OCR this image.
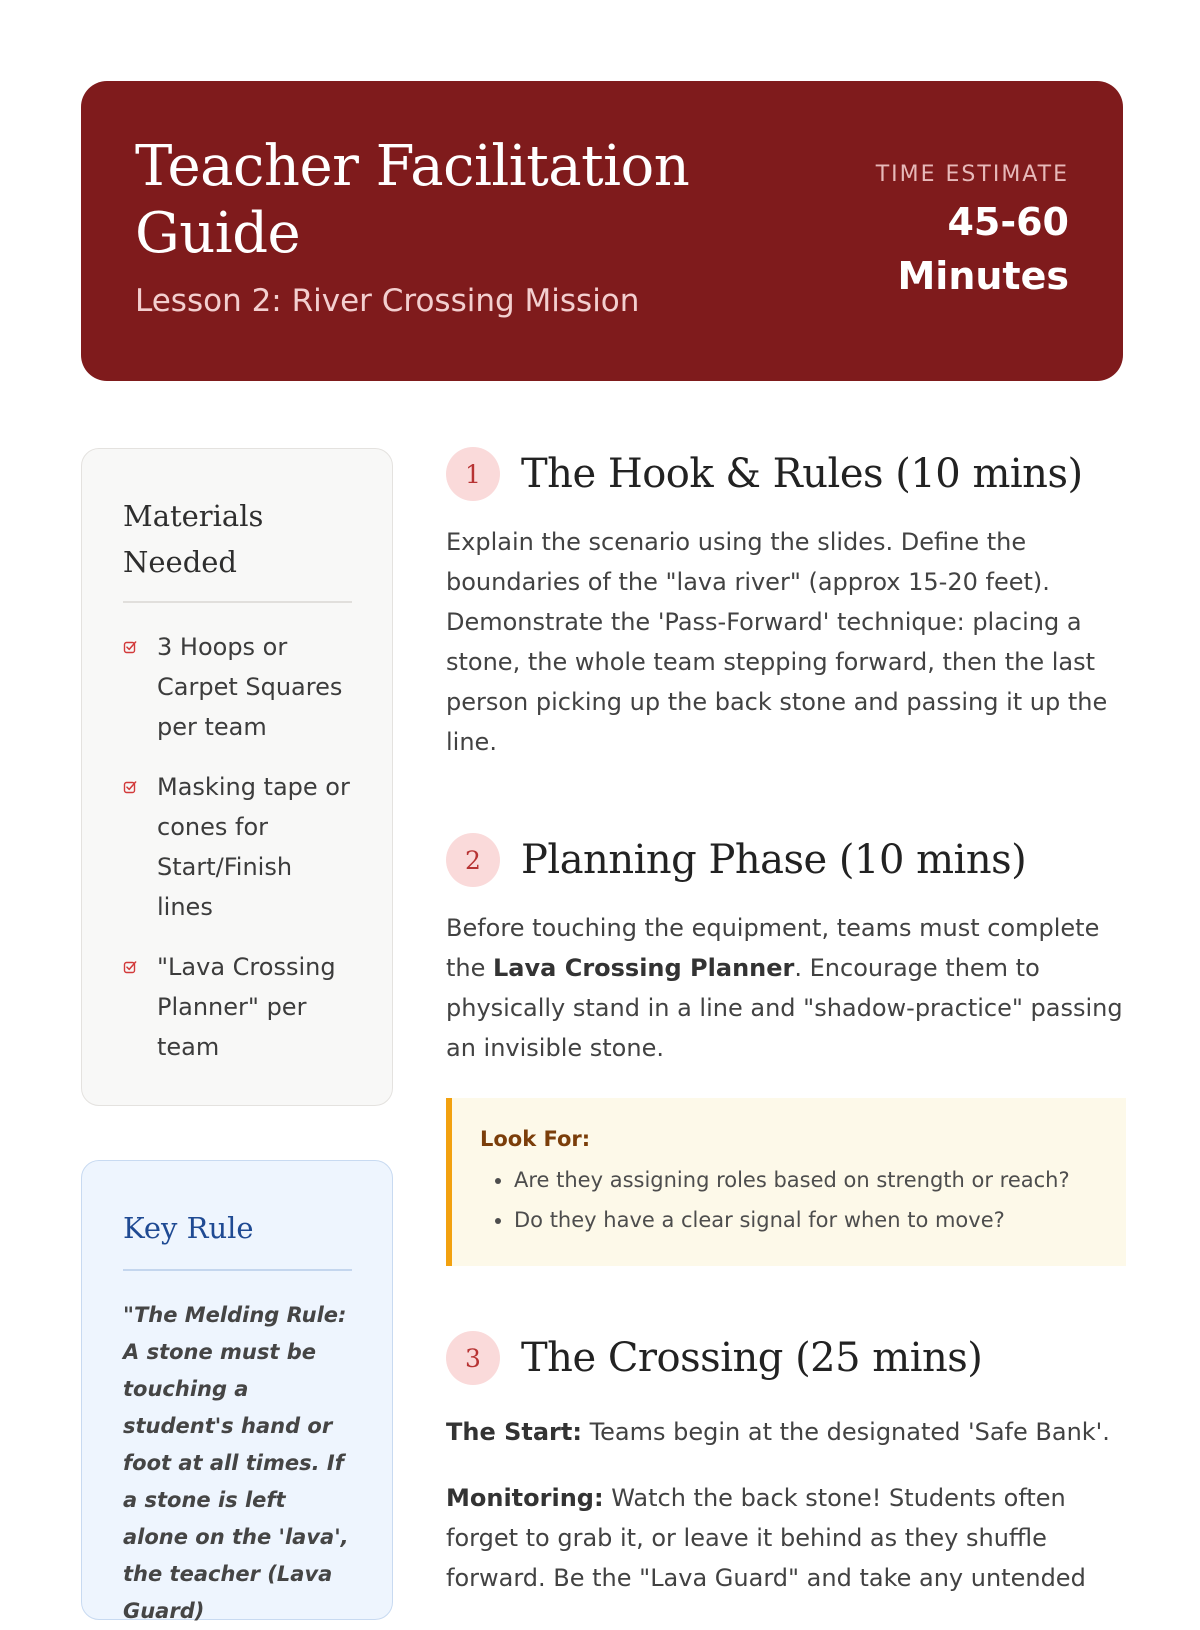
Teacher Facilitation Guide

Lesson 2: River Crossing Mission

TIME ESTIMATE
45-60 Minutes
Materials Needed
3 Hoops or Carpet Squares per team
Masking tape or cones for Start/Finish lines
"Lava Crossing Planner" per team
Key Rule

"The Melding Rule: A stone must be touching a student's hand or foot at all times. If a stone is left alone on the 'lava', the teacher (Lava Guard)

1	The Hook & Rules (10 mins)

Explain the scenario using the slides. Define the boundaries of the "lava river" (approx 15-20 feet). Demonstrate the 'Pass-Forward' technique: placing a stone, the whole team stepping forward, then the last person picking up the back stone and passing it up the line.

2	Planning Phase (10 mins)

Before touching the equipment, teams must complete the Lava Crossing Planner. Encourage them to physically stand in a line and "shadow-practice" passing an invisible stone.

Look For:
• Are they assigning roles based on strength or reach?
• Do they have a clear signal for when to move?
3	The Crossing (25 mins)

The Start: Teams begin at the designated 'Safe Bank'.

Monitoring: Watch the back stone! Students often forget to grab it, or leave it behind as they shuffle forward. Be the "Lava Guard" and take any untended
